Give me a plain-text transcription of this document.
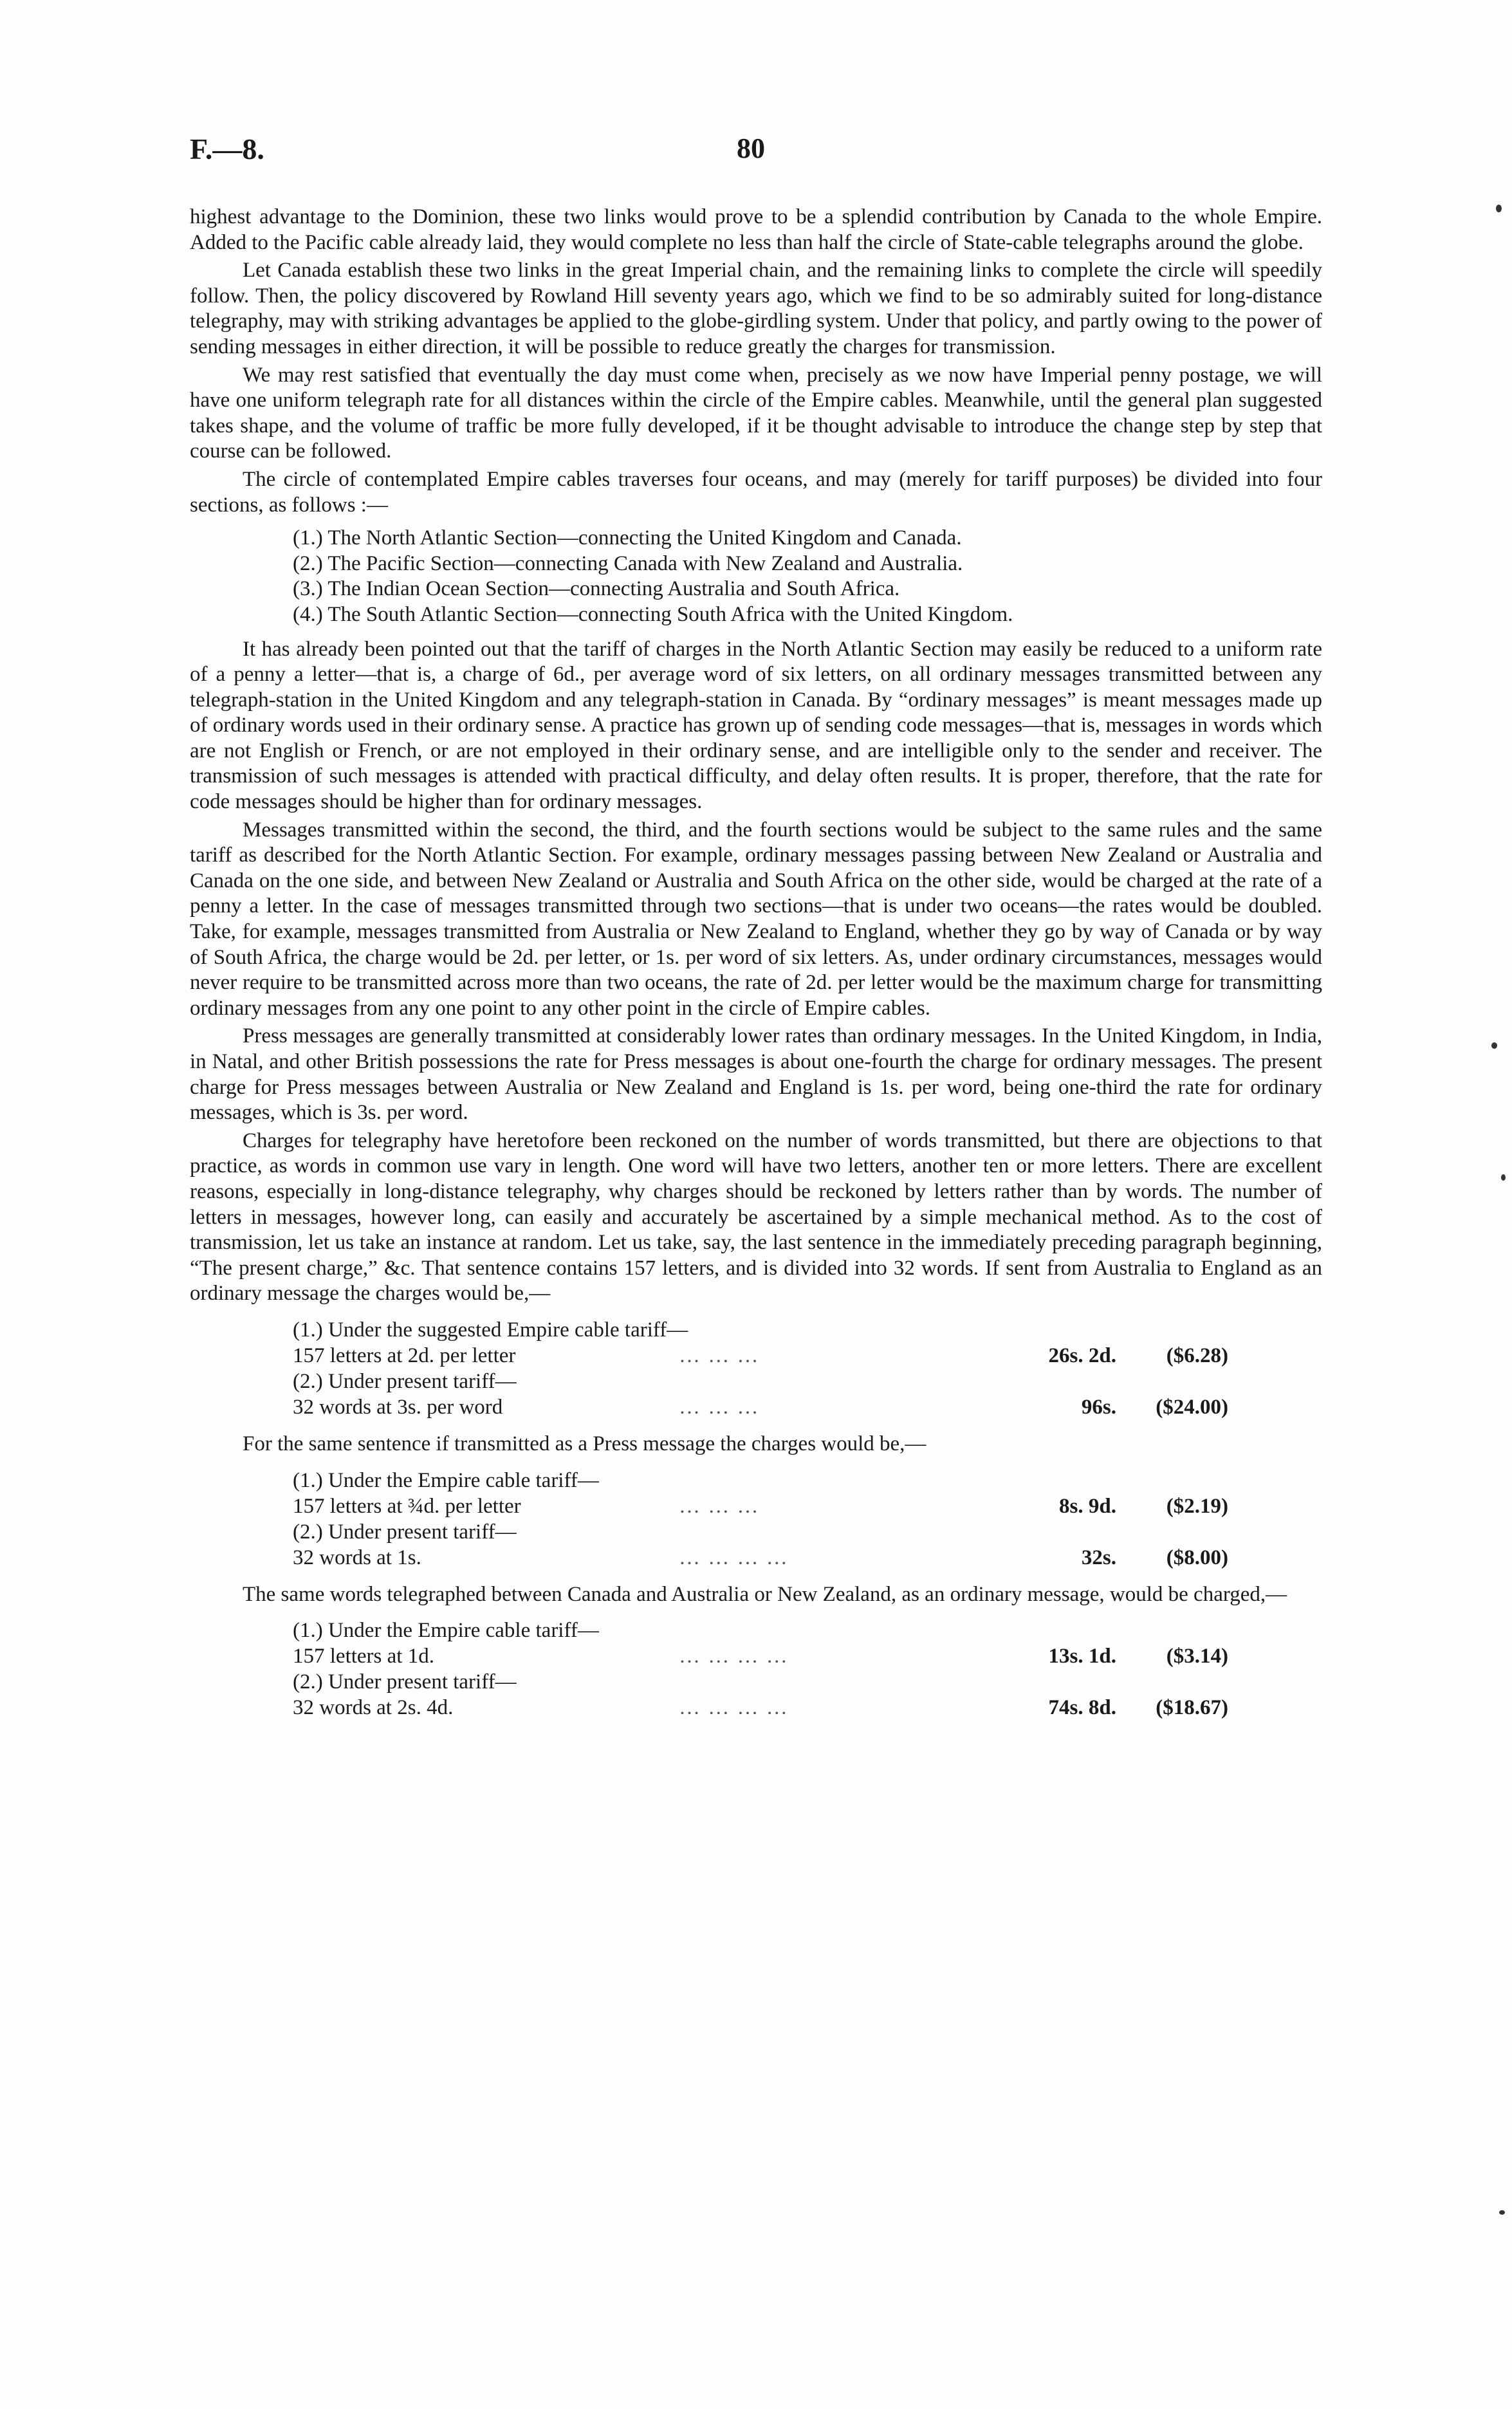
F.—8.	80

highest advantage to the Dominion, these two links would prove to be a splendid contribution by Canada to the whole Empire. Added to the Pacific cable already laid, they would complete no less than half the circle of State-cable telegraphs around the globe.

Let Canada establish these two links in the great Imperial chain, and the remaining links to complete the circle will speedily follow. Then, the policy discovered by Rowland Hill seventy years ago, which we find to be so admirably suited for long-distance telegraphy, may with striking advantages be applied to the globe-girdling system. Under that policy, and partly owing to the power of sending messages in either direction, it will be possible to reduce greatly the charges for transmission.

We may rest satisfied that eventually the day must come when, precisely as we now have Imperial penny postage, we will have one uniform telegraph rate for all distances within the circle of the Empire cables. Meanwhile, until the general plan suggested takes shape, and the volume of traffic be more fully developed, if it be thought advisable to introduce the change step by step that course can be followed.

The circle of contemplated Empire cables traverses four oceans, and may (merely for tariff purposes) be divided into four sections, as follows :—

(1.) The North Atlantic Section—connecting the United Kingdom and Canada.
(2.) The Pacific Section—connecting Canada with New Zealand and Australia.
(3.) The Indian Ocean Section—connecting Australia and South Africa.
(4.) The South Atlantic Section—connecting South Africa with the United Kingdom.

It has already been pointed out that the tariff of charges in the North Atlantic Section may easily be reduced to a uniform rate of a penny a letter—that is, a charge of 6d., per average word of six letters, on all ordinary messages transmitted between any telegraph-station in the United Kingdom and any telegraph-station in Canada. By “ordinary messages” is meant messages made up of ordinary words used in their ordinary sense. A practice has grown up of sending code messages—that is, messages in words which are not English or French, or are not employed in their ordinary sense, and are intelligible only to the sender and receiver. The transmission of such messages is attended with practical difficulty, and delay often results. It is proper, therefore, that the rate for code messages should be higher than for ordinary messages.

Messages transmitted within the second, the third, and the fourth sections would be subject to the same rules and the same tariff as described for the North Atlantic Section. For example, ordinary messages passing between New Zealand or Australia and Canada on the one side, and between New Zealand or Australia and South Africa on the other side, would be charged at the rate of a penny a letter. In the case of messages transmitted through two sections—that is under two oceans—the rates would be doubled. Take, for example, messages transmitted from Australia or New Zealand to England, whether they go by way of Canada or by way of South Africa, the charge would be 2d. per letter, or 1s. per word of six letters. As, under ordinary circumstances, messages would never require to be transmitted across more than two oceans, the rate of 2d. per letter would be the maximum charge for transmitting ordinary messages from any one point to any other point in the circle of Empire cables.

Press messages are generally transmitted at considerably lower rates than ordinary messages. In the United Kingdom, in India, in Natal, and other British possessions the rate for Press messages is about one-fourth the charge for ordinary messages. The present charge for Press messages between Australia or New Zealand and England is 1s. per word, being one-third the rate for ordinary messages, which is 3s. per word.

Charges for telegraphy have heretofore been reckoned on the number of words transmitted, but there are objections to that practice, as words in common use vary in length. One word will have two letters, another ten or more letters. There are excellent reasons, especially in long-distance telegraphy, why charges should be reckoned by letters rather than by words. The number of letters in messages, however long, can easily and accurately be ascertained by a simple mechanical method. As to the cost of transmission, let us take an instance at random. Let us take, say, the last sentence in the immediately preceding paragraph beginning, “The present charge,” &c. That sentence contains 157 letters, and is divided into 32 words. If sent from Australia to England as an ordinary message the charges would be,—

(1.) Under the suggested Empire cable tariff—			
157 letters at 2d. per letter	… … …	26s. 2d.	($6.28)
(2.) Under present tariff—			
32 words at 3s. per word	… … …	96s.	($24.00)

For the same sentence if transmitted as a Press message the charges would be,—

(1.) Under the Empire cable tariff—			
157 letters at ¾d. per letter	… … …	8s. 9d.	($2.19)
(2.) Under present tariff—			
32 words at 1s.	… … … …	32s.	($8.00)

The same words telegraphed between Canada and Australia or New Zealand, as an ordinary message, would be charged,—

(1.) Under the Empire cable tariff—			
157 letters at 1d.	… … … …	13s. 1d.	($3.14)
(2.) Under present tariff—			
32 words at 2s. 4d.	… … … …	74s. 8d.	($18.67)
